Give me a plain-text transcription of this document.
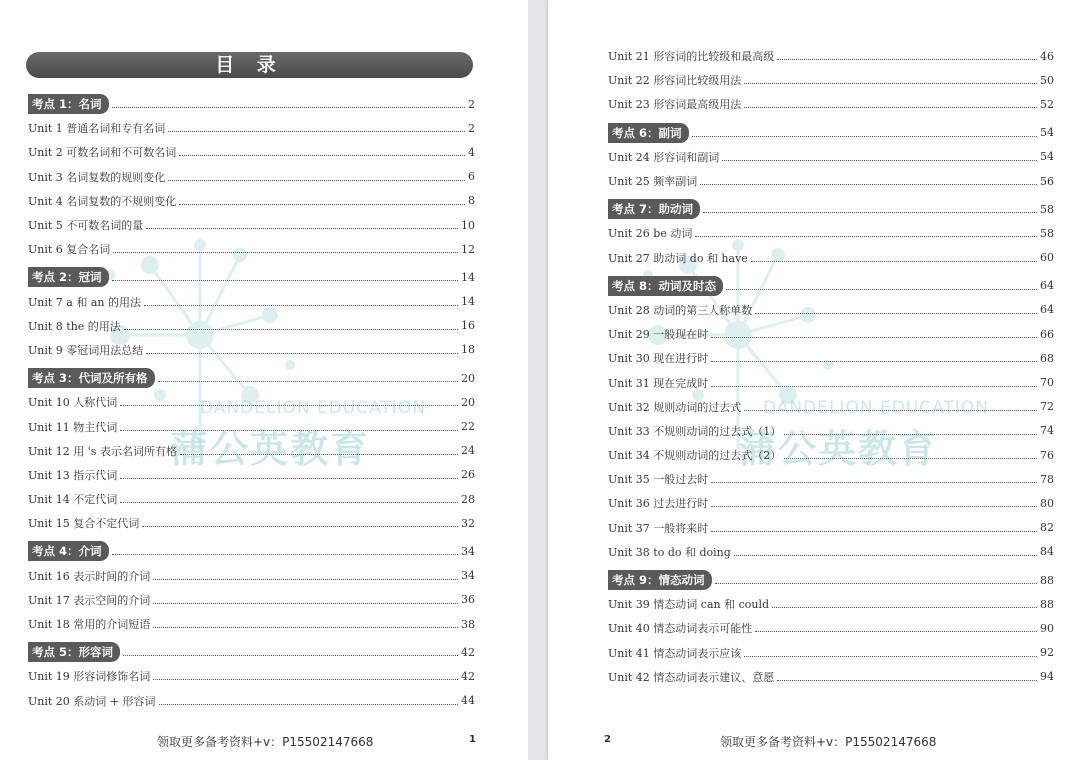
DANDELION EDUCATION
蒲公英教育
目 录
考点 1：名词	2
Unit 1 普通名词和专有名词	2
Unit 2 可数名词和不可数名词	4
Unit 3 名词复数的规则变化	6
Unit 4 名词复数的不规则变化	8
Unit 5 不可数名词的量	10
Unit 6 复合名词	12
考点 2：冠词	14
Unit 7 a 和 an 的用法	14
Unit 8 the 的用法	16
Unit 9 零冠词用法总结	18
考点 3：代词及所有格	20
Unit 10 人称代词	20
Unit 11 物主代词	22
Unit 12 用 's 表示名词所有格	24
Unit 13 指示代词	26
Unit 14 不定代词	28
Unit 15 复合不定代词	32
考点 4：介词	34
Unit 16 表示时间的介词	34
Unit 17 表示空间的介词	36
Unit 18 常用的介词短语	38
考点 5：形容词	42
Unit 19 形容词修饰名词	42
Unit 20 系动词 + 形容词	44
领取更多备考资料+v：P15502147668	1
DANDELION EDUCATION
蒲公英教育
Unit 21 形容词的比较级和最高级	46
Unit 22 形容词比较级用法	50
Unit 23 形容词最高级用法	52
考点 6：副词	54
Unit 24 形容词和副词	54
Unit 25 频率副词	56
考点 7：助动词	58
Unit 26 be 动词	58
Unit 27 助动词 do 和 have	60
考点 8：动词及时态	64
Unit 28 动词的第三人称单数	64
Unit 29 一般现在时	66
Unit 30 现在进行时	68
Unit 31 现在完成时	70
Unit 32 规则动词的过去式	72
Unit 33 不规则动词的过去式（1）	74
Unit 34 不规则动词的过去式（2）	76
Unit 35 一般过去时	78
Unit 36 过去进行时	80
Unit 37 一般将来时	82
Unit 38 to do 和 doing	84
考点 9：情态动词	88
Unit 39 情态动词 can 和 could	88
Unit 40 情态动词表示可能性	90
Unit 41 情态动词表示应该	92
Unit 42 情态动词表示建议、意愿	94
2	领取更多备考资料+v：P15502147668
